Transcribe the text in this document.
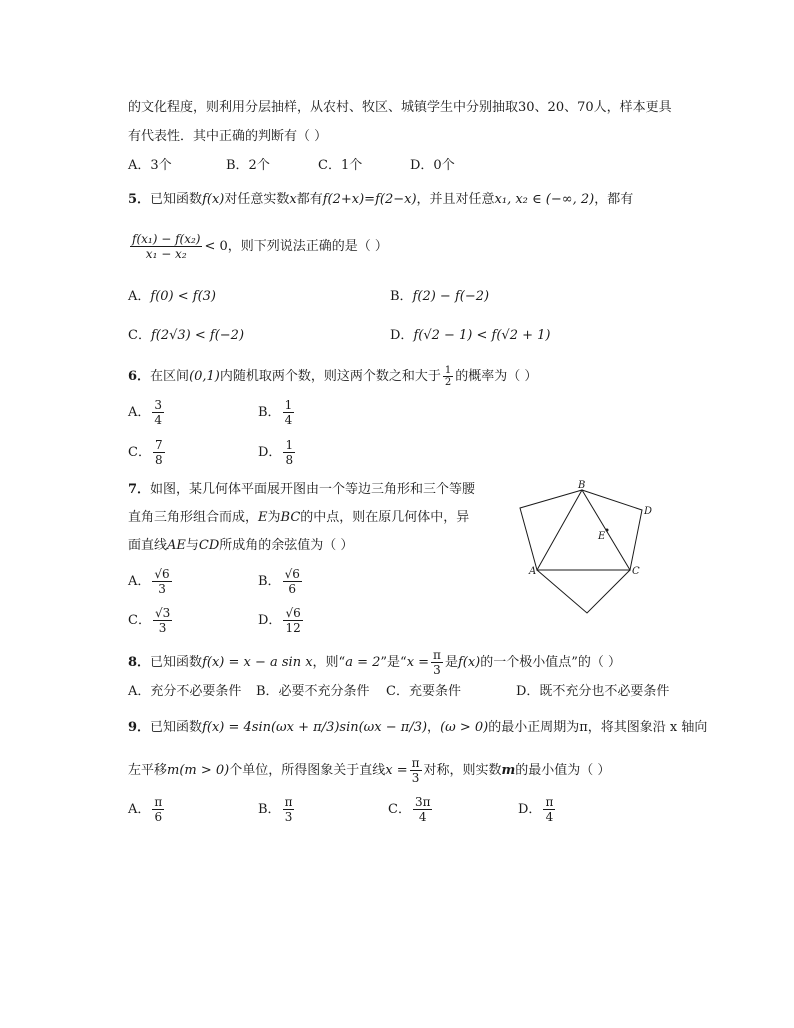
的文化程度，则利用分层抽样，从农村、牧区、城镇学生中分别抽取30、20、70人，样本更具
有代表性．其中正确的判断有（ ）
A．3个	B．2个	C．1个	D．0个
5．已知函数f(x)对任意实数x都有f(2+x)=f(2−x)，并且对任意x₁, x₂ ∈ (−∞, 2)，都有
$\frac{\text{f(x₁) − f(x₂)}}{\text{x₁ − x₂}} < 0$，则下列说法正确的是（ ）
A．f(0) < f(3)	B．f(2) − f(−2)
C．f(2√3) < f(−2)	D．f(√2 − 1) < f(√2 + 1)
6．在区间(0,1)内随机取两个数，则这两个数之和大于 $\frac{1}{2}$ 的概率为（ ）
A． $\frac{3}{4}$	B． $\frac{1}{4}$
C． $\frac{7}{8}$	D． $\frac{1}{8}$
7．如图，某几何体平面展开图由一个等边三角形和三个等腰
直角三角形组合而成，E为BC的中点，则在原几何体中，异
面直线AE与CD所成角的余弦值为（ ）
A． $\frac{√6}{3}$	B． $\frac{√6}{6}$
C． $\frac{√3}{3}$	D． $\frac{√6}{12}$
B
D
E
A	C
8．已知函数f(x) = x − a sin x，则“a = 2”是“$x = \frac{\pi}{3}$ 是f(x)的一个极小值点”的（ ）
A．充分不必要条件 B．必要不充分条件 C．充要条件	D．既不充分也不必要条件
9．已知函数f(x) = 4sin(ωx + π/3)sin(ωx − π/3)，(ω > 0)的最小正周期为π，将其图象沿 x 轴向
左平移m(m > 0)个单位，所得图象关于直线$x = \frac{\pi}{3}$ 对称，则实数m的最小值为（ ）
A． $\frac{\pi}{6}$	B． $\frac{\pi}{3}$	C． $\frac{3\pi}{4}$	D． $\frac{\pi}{4}$
